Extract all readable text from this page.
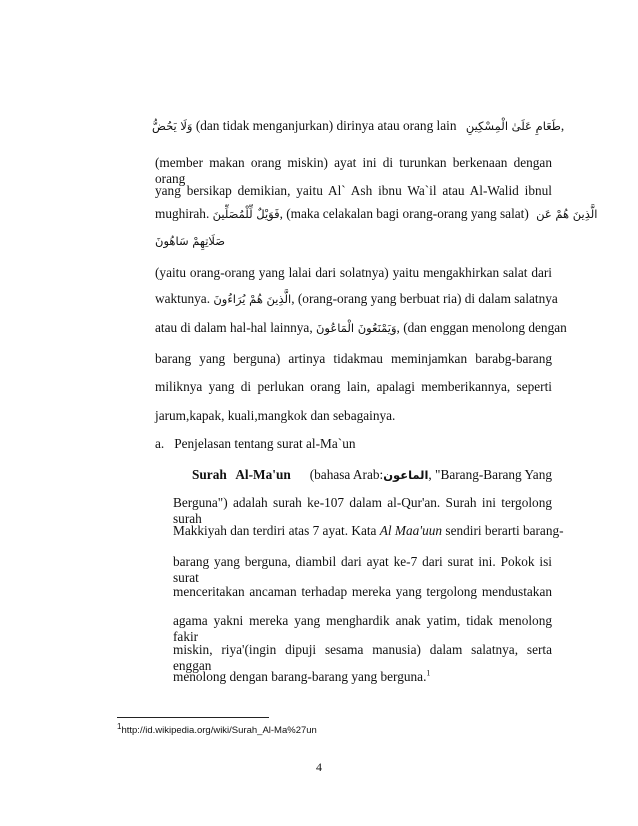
وَلَا يَحُضُّ (dan tidak menganjurkan) dirinya atau orang lain طَعَامِ عَلَىٰ الْمِسْكِينِ,
(member makan orang miskin) ayat ini di turunkan berkenaan dengan orang
yang bersikap demikian, yaitu Al` Ash ibnu Wa`il atau Al-Walid ibnul
mughirah. فَوَيْلٌ لِّلْمُصَلِّينَ, (maka celakalan bagi orang-orang yang salat) الَّذِينَ هُمْ عَن
صَلَاتِهِمْ سَاهُونَ
(yaitu orang-orang yang lalai dari solatnya) yaitu mengakhirkan salat dari
waktunya. الَّذِينَ هُمْ يُرَاءُونَ, (orang-orang yang berbuat ria) di dalam salatnya
atau di dalam hal-hal lainnya, وَيَمْنَعُونَ الْمَاعُونَ, (dan enggan menolong dengan
barang yang berguna) artinya tidakmau meminjamkan barabg-barang
miliknya yang di perlukan orang lain, apalagi memberikannya, seperti
jarum,kapak, kuali,mangkok dan sebagainya.
a.   Penjelasan tentang surat al-Ma`un
Surah Al-Ma'un (bahasa Arab:الماعون, "Barang-Barang Yang
Berguna") adalah surah ke-107 dalam al-Qur'an. Surah ini tergolong surah
Makkiyah dan terdiri atas 7 ayat. Kata Al Maa'uun sendiri berarti barang-
barang yang berguna, diambil dari ayat ke-7 dari surat ini. Pokok isi surat
menceritakan ancaman terhadap mereka yang tergolong mendustakan
agama yakni mereka yang menghardik anak yatim, tidak menolong fakir
miskin, riya'(ingin dipuji sesama manusia) dalam salatnya, serta enggan
menolong dengan barang-barang yang berguna.$^1$
$^1$http://id.wikipedia.org/wiki/Surah_Al-Ma%27un
4
